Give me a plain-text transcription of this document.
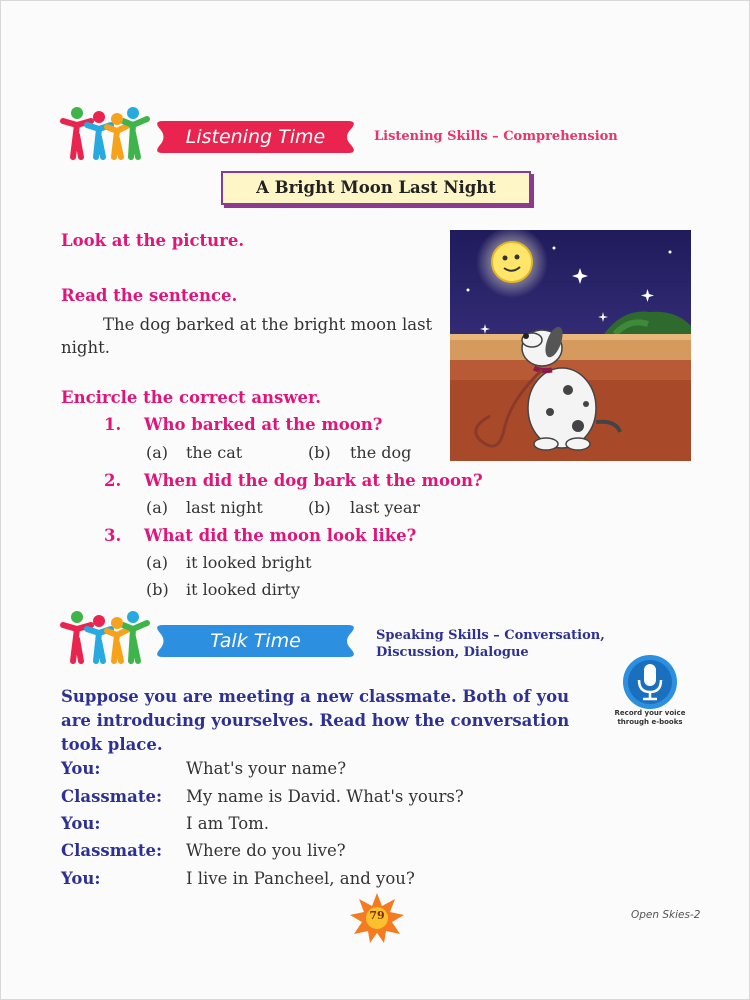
Listening Time	Listening Skills – Comprehension
A Bright Moon Last Night
Look at the picture.
Read the sentence.
The dog barked at the bright moon last
night.
Encircle the correct answer.
1. Who barked at the moon?
(a) the cat	(b) the dog
2. When did the dog bark at the moon?
(a) last night	(b) last year
3. What did the moon look like?
(a) it looked bright
(b) it looked dirty
Talk Time	Speaking Skills – Conversation,
Discussion, Dialogue
Record your voice
through e-books
Suppose you are meeting a new classmate. Both of you are introducing yourselves. Read how the conversation took place.
You:	What's your name?
Classmate: My name is David. What's yours?
You:	I am Tom.
Classmate: Where do you live?
You:	I live in Pancheel, and you?
79	Open Skies-2
